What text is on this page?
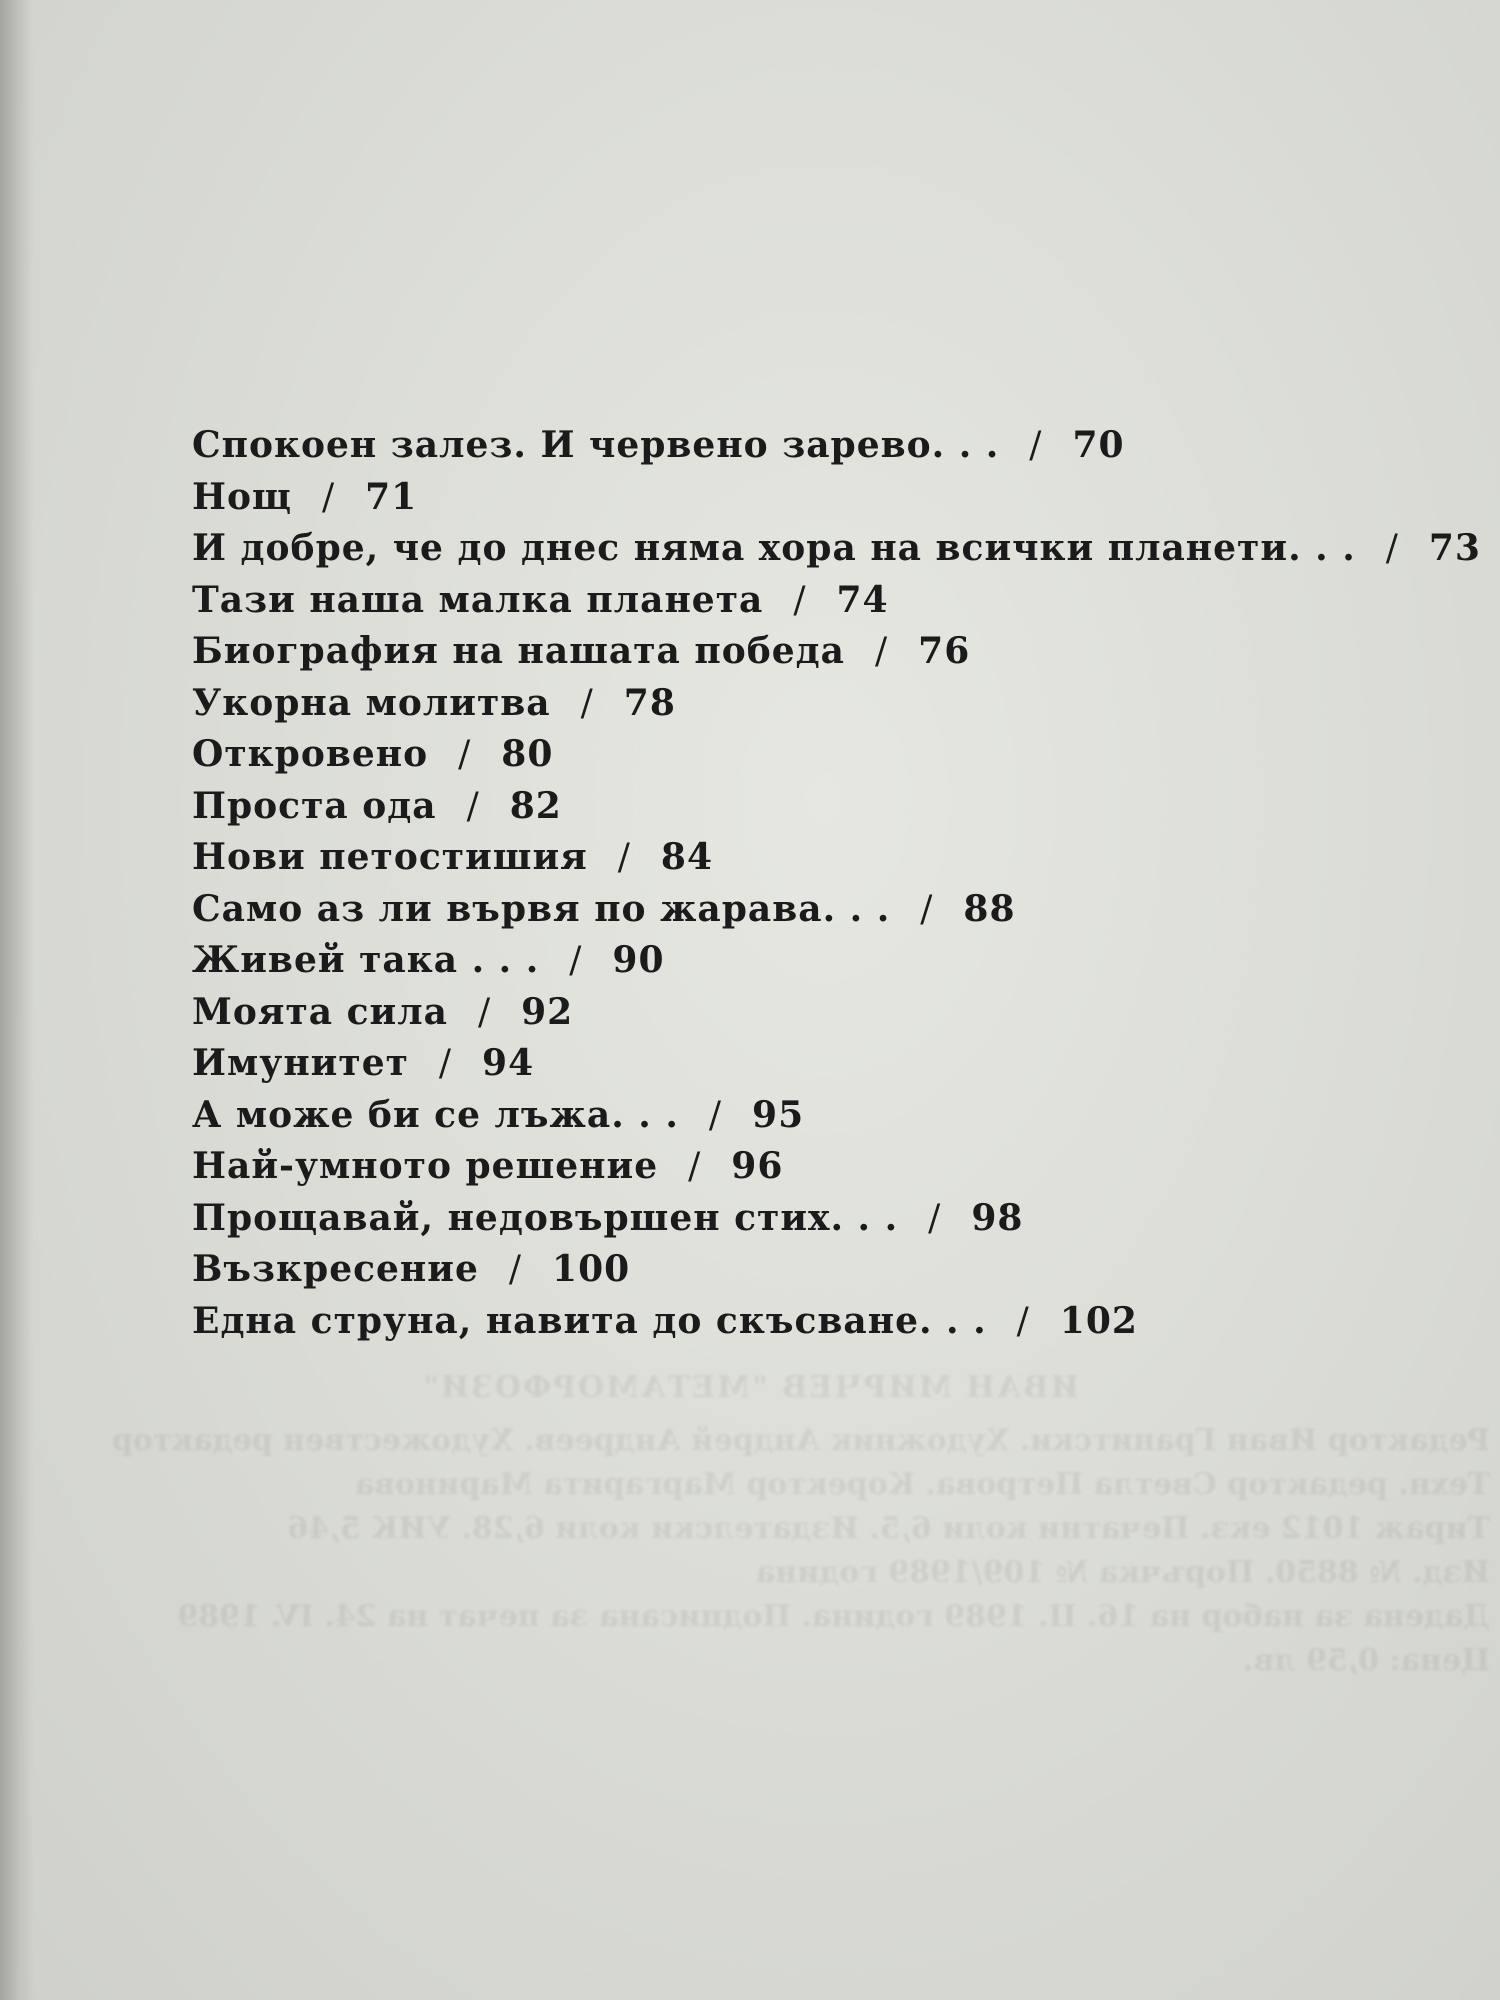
Спокоен залез. И червено зарево. . . / 70
Нощ / 71
И добре, че до днес няма хора на всички планети. . . / 73
Тази наша малка планета / 74
Биография на нашата победа / 76
Укорна молитва / 78
Откровено / 80
Проста ода / 82
Нови петостишия / 84
Само аз ли вървя по жарава. . . / 88
Живей така . . . / 90
Моята сила / 92
Имунитет / 94
А може би се лъжа. . . / 95
Най-умното решение / 96
Прощавай, недовършен стих. . . / 98
Възкресение / 100
Една струна, навита до скъсване. . . / 102
ИВАН МИРЧЕВ "МЕТАМОРФОЗИ"
Редактор Иван Гранитски. Художник Андрей Андреев. Художествен редактор
Техн. редактор Светла Петрова. Коректор Маргарита Маринова
Тираж 1012 екз. Печатни коли 6,5. Издателски коли 6,28. УИК 5,46
Изд. № 8850. Поръчка № 109/1989 година
Дадена за набор на 16. II. 1989 година. Подписана за печат на 24. IV. 1989
Цена: 0,59 лв.
